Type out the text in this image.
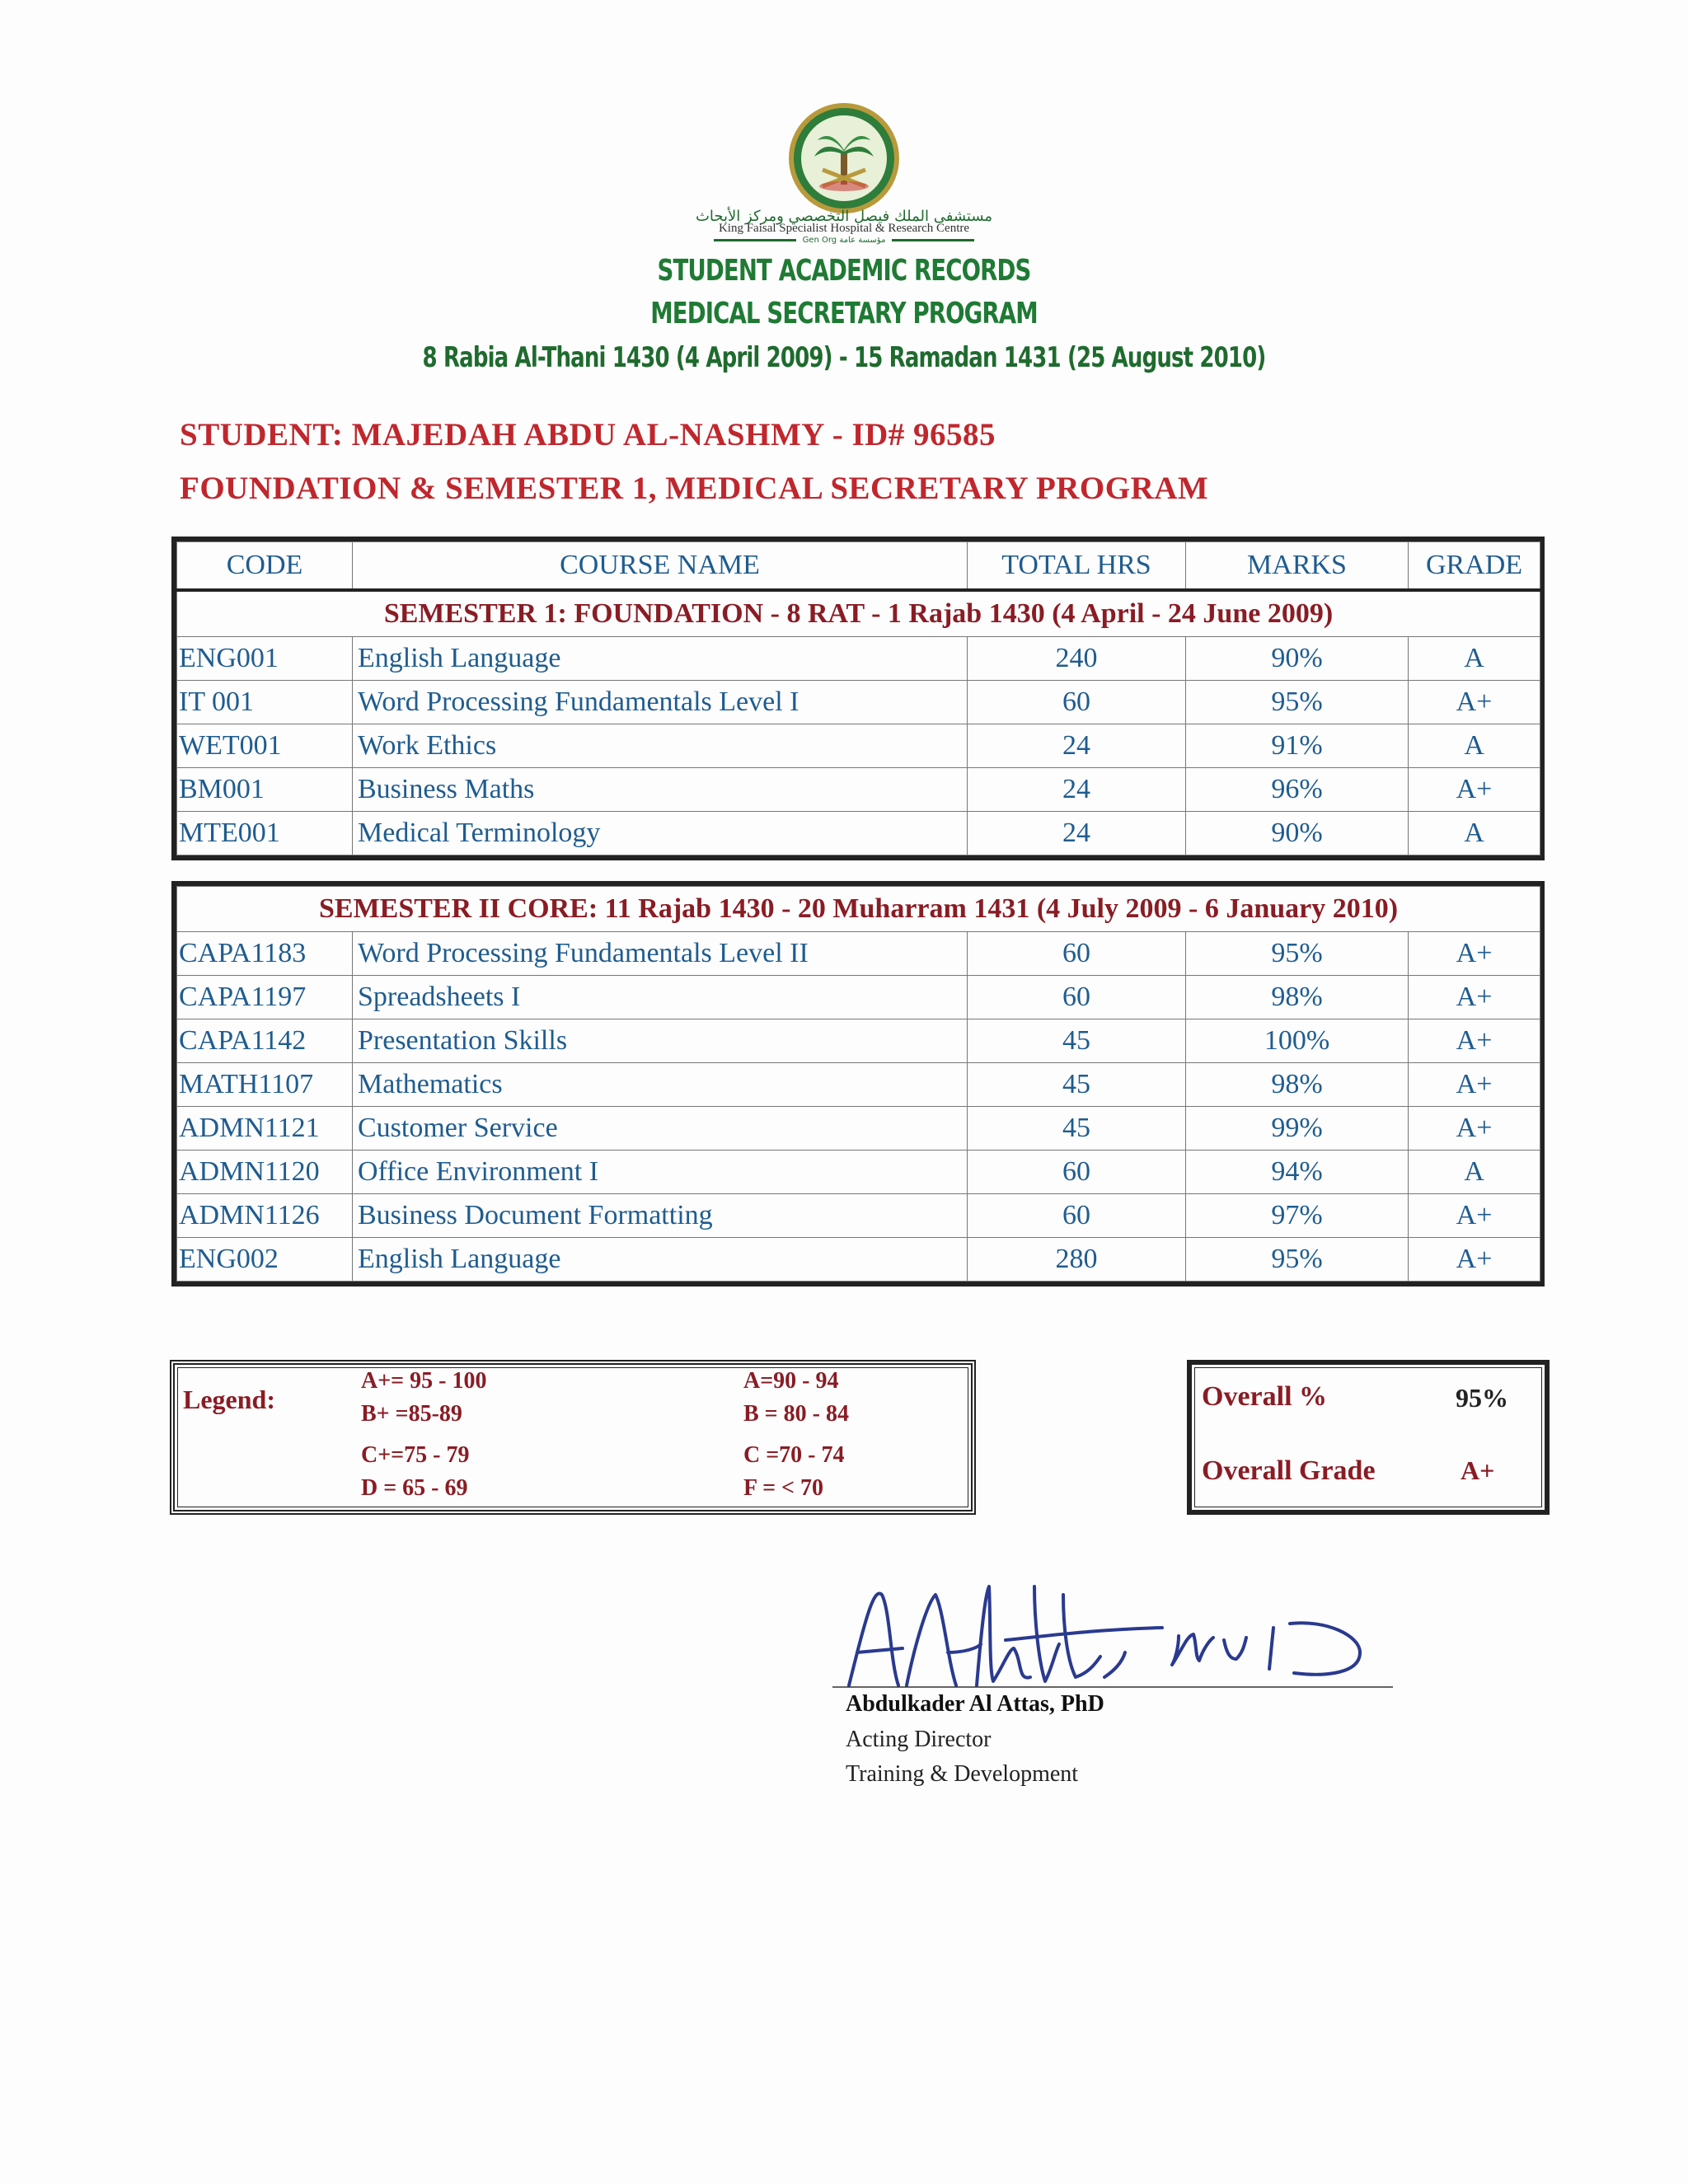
مستشفى الملك فيصل التخصصي ومركز الأبحاث
King Faisal Specialist Hospital & Research Centre
Gen Org مؤسسة عامة
STUDENT ACADEMIC RECORDS
MEDICAL SECRETARY PROGRAM
8 Rabia Al-Thani 1430 (4 April 2009) - 15 Ramadan 1431 (25 August 2010)
STUDENT: MAJEDAH ABDU AL-NASHMY - ID# 96585
FOUNDATION & SEMESTER 1, MEDICAL SECRETARY PROGRAM
CODE	COURSE NAME	TOTAL HRS	MARKS	GRADE
SEMESTER 1: FOUNDATION - 8 RAT - 1 Rajab 1430 (4 April - 24 June 2009)				
ENG001	English Language	240	90%	A
IT 001	Word Processing Fundamentals Level I	60	95%	A+
WET001	Work Ethics	24	91%	A
BM001	Business Maths	24	96%	A+
MTE001	Medical Terminology	24	90%	A
SEMESTER II CORE: 11 Rajab 1430 - 20 Muharram 1431 (4 July 2009 - 6 January 2010)				
CAPA1183	Word Processing Fundamentals Level II	60	95%	A+
CAPA1197	Spreadsheets I	60	98%	A+
CAPA1142	Presentation Skills	45	100%	A+
MATH1107	Mathematics	45	98%	A+
ADMN1121	Customer Service	45	99%	A+
ADMN1120	Office Environment I	60	94%	A
ADMN1126	Business Document Formatting	60	97%	A+
ENG002	English Language	280	95%	A+
Legend:
A+= 95 - 100	A=90 - 94
B+ =85-89	B = 80 - 84
C+=75 - 79	C =70 - 74
D = 65 - 69	F = < 70
Overall %	95%
Overall Grade	A+
Abdulkader Al Attas, PhD
Acting Director
Training & Development
